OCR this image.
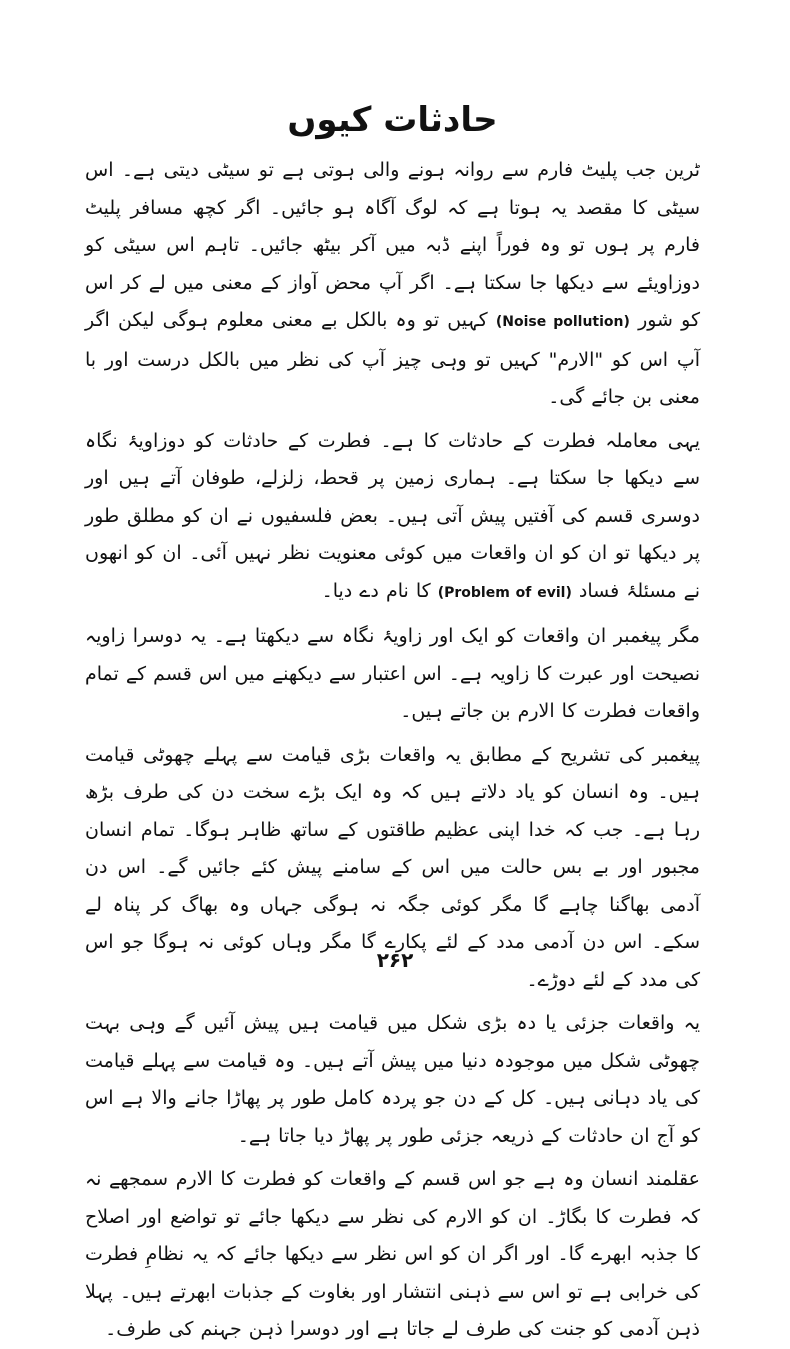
حادثات کیوں

ٹرین جب پلیٹ فارم سے روانہ ہونے والی ہوتی ہے تو سیٹی دیتی ہے۔ اس سیٹی کا مقصد یہ ہوتا ہے کہ لوگ آگاہ ہو جائیں۔ اگر کچھ مسافر پلیٹ فارم پر ہوں تو وہ فوراً اپنے ڈبہ میں آکر بیٹھ جائیں۔ تاہم اس سیٹی کو دوزاویئے سے دیکھا جا سکتا ہے۔ اگر آپ محض آواز کے معنی میں لے کر اس کو شور (Noise pollution) کہیں تو وہ بالکل بے معنی معلوم ہوگی لیکن اگر آپ اس کو "الارم" کہیں تو وہی چیز آپ کی نظر میں بالکل درست اور با معنی بن جائے گی۔

یہی معاملہ فطرت کے حادثات کا ہے۔ فطرت کے حادثات کو دوزاویۂ نگاہ سے دیکھا جا سکتا ہے۔ ہماری زمین پر قحط، زلزلے، طوفان آتے ہیں اور دوسری قسم کی آفتیں پیش آتی ہیں۔ بعض فلسفیوں نے ان کو مطلق طور پر دیکھا تو ان کو ان واقعات میں کوئی معنویت نظر نہیں آئی۔ ان کو انھوں نے مسئلۂ فساد (Problem of evil) کا نام دے دیا۔

مگر پیغمبر ان واقعات کو ایک اور زاویۂ نگاہ سے دیکھتا ہے۔ یہ دوسرا زاویہ نصیحت اور عبرت کا زاویہ ہے۔ اس اعتبار سے دیکھنے میں اس قسم کے تمام واقعات فطرت کا الارم بن جاتے ہیں۔

پیغمبر کی تشریح کے مطابق یہ واقعات بڑی قیامت سے پہلے چھوٹی قیامت ہیں۔ وہ انسان کو یاد دلاتے ہیں کہ وہ ایک بڑے سخت دن کی طرف بڑھ رہا ہے۔ جب کہ خدا اپنی عظیم طاقتوں کے ساتھ ظاہر ہوگا۔ تمام انسان مجبور اور بے بس حالت میں اس کے سامنے پیش کئے جائیں گے۔ اس دن آدمی بھاگنا چاہے گا مگر کوئی جگہ نہ ہوگی جہاں وہ بھاگ کر پناہ لے سکے۔ اس دن آدمی مدد کے لئے پکارے گا مگر وہاں کوئی نہ ہوگا جو اس کی مدد کے لئے دوڑے۔

یہ واقعات جزئی یا دہ بڑی شکل میں قیامت ہیں پیش آئیں گے وہی بہت چھوٹی شکل میں موجودہ دنیا میں پیش آتے ہیں۔ وہ قیامت سے پہلے قیامت کی یاد دہانی ہیں۔ کل کے دن جو پردہ کامل طور پر پھاڑا جانے والا ہے اس کو آج ان حادثات کے ذریعہ جزئی طور پر پھاڑ دیا جاتا ہے۔

عقلمند انسان وہ ہے جو اس قسم کے واقعات کو فطرت کا الارم سمجھے نہ کہ فطرت کا بگاڑ۔ ان کو الارم کی نظر سے دیکھا جائے تو تواضع اور اصلاح کا جذبہ ابھرے گا۔ اور اگر ان کو اس نظر سے دیکھا جائے کہ یہ نظامِ فطرت کی خرابی ہے تو اس سے ذہنی انتشار اور بغاوت کے جذبات ابھرتے ہیں۔ پہلا ذہن آدمی کو جنت کی طرف لے جاتا ہے اور دوسرا ذہن جہنم کی طرف۔

۲۶۲
